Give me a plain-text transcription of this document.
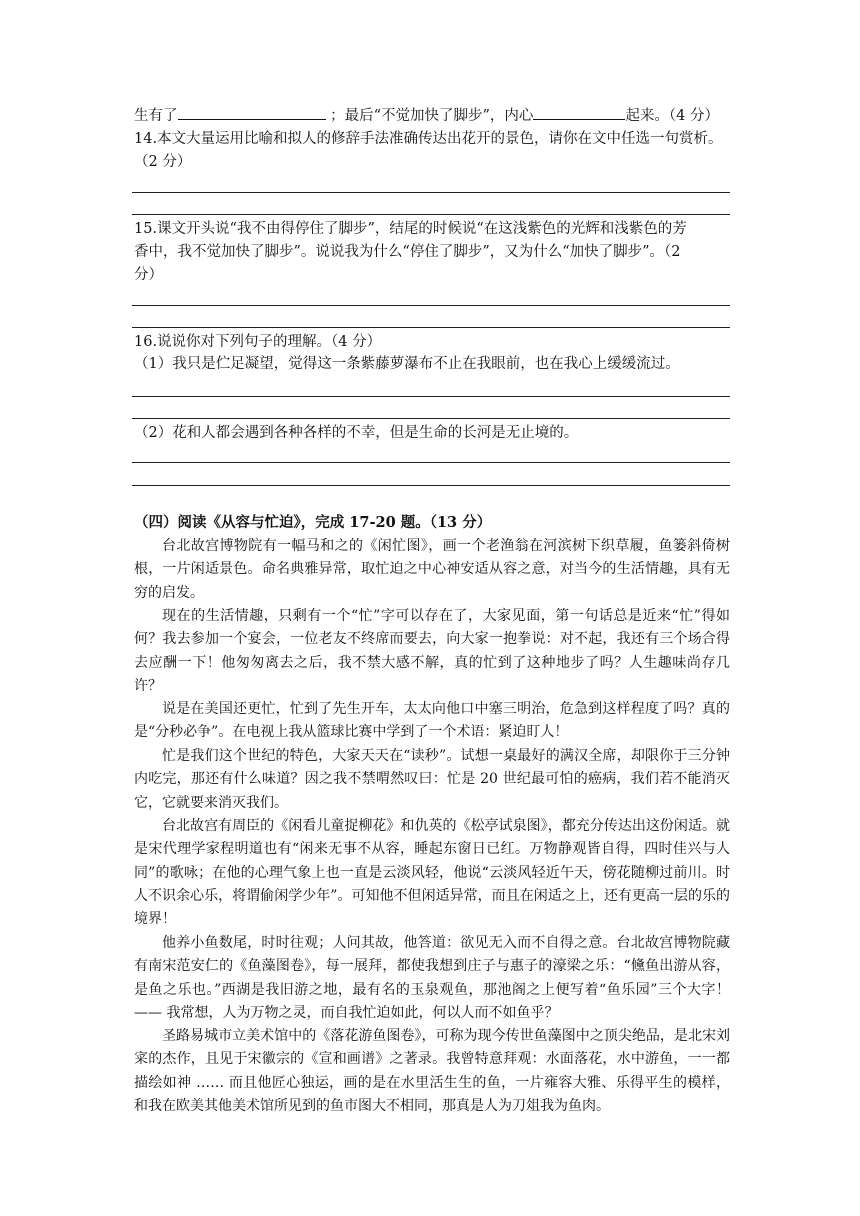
生有了	；最后“不觉加快了脚步”，内心	起来。（4 分）
14.本文大量运用比喻和拟人的修辞手法准确传达出花开的景色，请你在文中任选一句赏析。
（2 分）
15.课文开头说“我不由得停住了脚步”，结尾的时候说“在这浅紫色的光辉和浅紫色的芳
香中，我不觉加快了脚步”。说说我为什么“停住了脚步”，又为什么“加快了脚步”。（2
分）
16.说说你对下列句子的理解。（4 分）
（1）我只是伫足凝望，觉得这一条紫藤萝瀑布不止在我眼前，也在我心上缓缓流过。
（2）花和人都会遇到各种各样的不幸，但是生命的长河是无止境的。
（四）阅读《从容与忙迫》，完成 17-20 题。（13 分）
台北故宫博物院有一幅马和之的《闲忙图》，画一个老渔翁在河滨树下织草履，鱼篓斜倚树根，一片闲适景色。命名典雅异常，取忙迫之中心神安适从容之意，对当今的生活情趣，具有无穷的启发。
现在的生活情趣，只剩有一个“忙”字可以存在了，大家见面，第一句话总是近来“忙”得如何？我去参加一个宴会，一位老友不终席而要去，向大家一抱拳说：对不起，我还有三个场合得去应酬一下！他匆匆离去之后，我不禁大感不解，真的忙到了这种地步了吗？人生趣味尚存几许？
说是在美国还更忙，忙到了先生开车，太太向他口中塞三明治，危急到这样程度了吗？真的是“分秒必争”。在电视上我从篮球比赛中学到了一个术语：紧迫盯人！
忙是我们这个世纪的特色，大家天天在“读秒”。试想一桌最好的满汉全席，却限你于三分钟内吃完，那还有什么味道？因之我不禁喟然叹曰：忙是 20 世纪最可怕的癌病，我们若不能消灭它，它就要来消灭我们。
台北故宫有周臣的《闲看儿童捉柳花》和仇英的《松亭试泉图》，都充分传达出这份闲适。就是宋代理学家程明道也有“闲来无事不从容，睡起东窗日已红。万物静观皆自得，四时佳兴与人同”的歌咏；在他的心理气象上也一直是云淡风轻，他说“云淡风轻近午天，傍花随柳过前川。时人不识余心乐，将谓偷闲学少年”。可知他不但闲适异常，而且在闲适之上，还有更高一层的乐的境界！
他养小鱼数尾，时时往观；人问其故，他答道：欲见无入而不自得之意。台北故宫博物院藏有南宋范安仁的《鱼藻图卷》，每一展拜，都使我想到庄子与惠子的濠梁之乐：“儵鱼出游从容，是鱼之乐也。”西湖是我旧游之地，最有名的玉泉观鱼，那池阁之上便写着“鱼乐园”三个大字！—— 我常想，人为万物之灵，而自我忙迫如此，何以人而不如鱼乎？
圣路易城市立美术馆中的《落花游鱼图卷》，可称为现今传世鱼藻图中之顶尖绝品，是北宋刘寀的杰作，且见于宋徽宗的《宣和画谱》之著录。我曾特意拜观：水面落花，水中游鱼，一一都描绘如神 …… 而且他匠心独运，画的是在水里活生生的鱼，一片雍容大雅、乐得平生的模样，和我在欧美其他美术馆所见到的鱼市图大不相同，那真是人为刀俎我为鱼肉。
